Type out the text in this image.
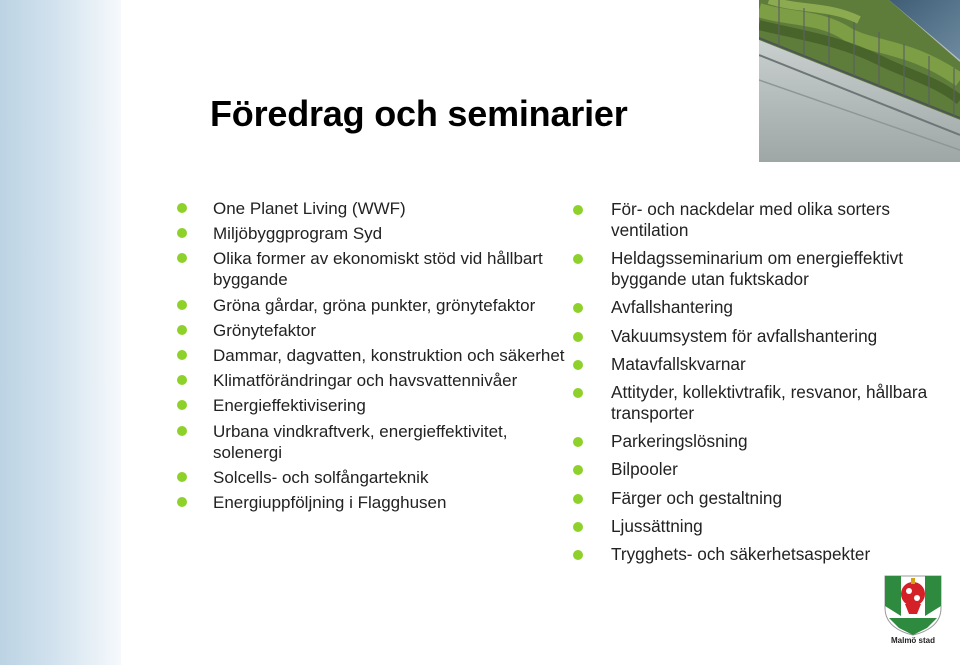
Föredrag och seminarier
One Planet Living (WWF)
Miljöbyggprogram Syd
Olika former av ekonomiskt stöd vid hållbart byggande
Gröna gårdar, gröna punkter, grönytefaktor
Grönytefaktor
Dammar, dagvatten, konstruktion och säkerhet
Klimatförändringar och havsvattennivåer
Energieffektivisering
Urbana vindkraftverk, energieffektivitet, solenergi
Solcells- och solfångarteknik
Energiuppföljning i Flagghusen
För- och nackdelar med olika sorters ventilation
Heldagsseminarium om energieffektivt byggande utan fuktskador
Avfallshantering
Vakuumsystem för avfallshantering
Matavfallskvarnar
Attityder, kollektivtrafik, resvanor, hållbara transporter
Parkeringslösning
Bilpooler
Färger och gestaltning
Ljussättning
Trygghets- och säkerhetsaspekter
Malmö stad
